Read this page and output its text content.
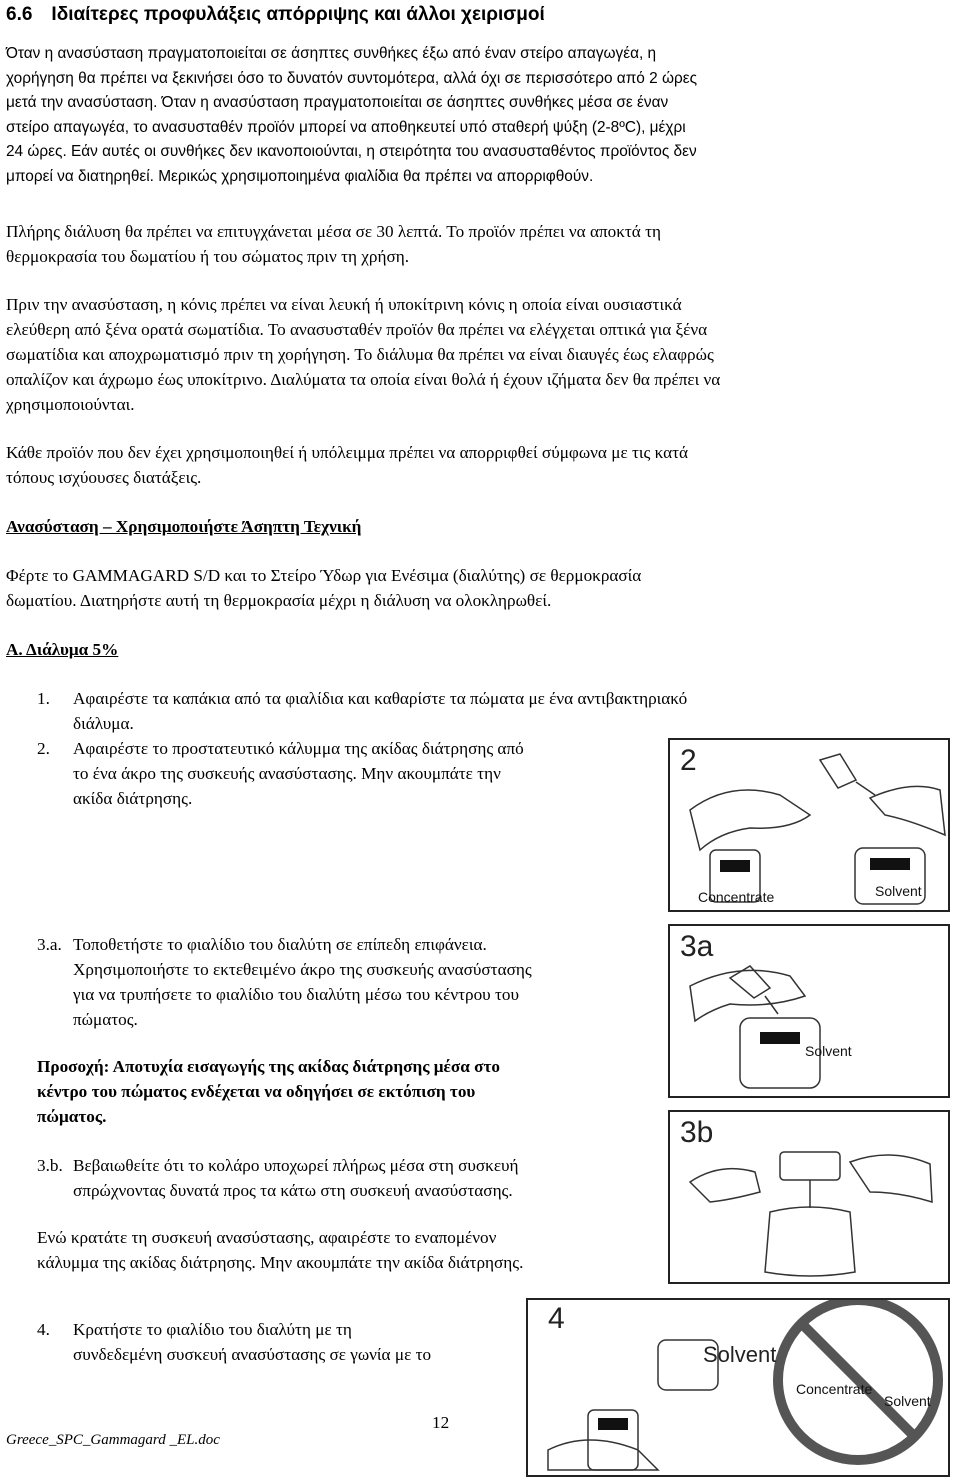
6.6 Ιδιαίτερες προφυλάξεις απόρριψης και άλλοι χειρισμοί
Όταν η ανασύσταση πραγματοποιείται σε άσηπτες συνθήκες έξω από έναν στείρο απαγωγέα, η
χορήγηση θα πρέπει να ξεκινήσει όσο το δυνατόν συντομότερα, αλλά όχι σε περισσότερο από 2 ώρες
μετά την ανασύσταση. Όταν η ανασύσταση πραγματοποιείται σε άσηπτες συνθήκες μέσα σε έναν
στείρο απαγωγέα, το ανασυσταθέν προϊόν μπορεί να αποθηκευτεί υπό σταθερή ψύξη (2-8ºC), μέχρι
24 ώρες. Εάν αυτές οι συνθήκες δεν ικανοποιούνται, η στειρότητα του ανασυσταθέντος προϊόντος δεν
μπορεί να διατηρηθεί. Μερικώς χρησιμοποιημένα φιαλίδια θα πρέπει να απορριφθούν.
Πλήρης διάλυση θα πρέπει να επιτυγχάνεται μέσα σε 30 λεπτά. Το προϊόν πρέπει να αποκτά τη
θερμοκρασία του δωματίου ή του σώματος πριν τη χρήση.
Πριν την ανασύσταση, η κόνις πρέπει να είναι λευκή ή υποκίτρινη κόνις η οποία είναι ουσιαστικά
ελεύθερη από ξένα ορατά σωματίδια. Το ανασυσταθέν προϊόν θα πρέπει να ελέγχεται οπτικά για ξένα
σωματίδια και αποχρωματισμό πριν τη χορήγηση. Το διάλυμα θα πρέπει να είναι διαυγές έως ελαφρώς
οπαλίζον και άχρωμο έως υποκίτρινο. Διαλύματα τα οποία είναι θολά ή έχουν ιζήματα δεν θα πρέπει να
χρησιμοποιούνται.
Κάθε προϊόν που δεν έχει χρησιμοποιηθεί ή υπόλειμμα πρέπει να απορριφθεί σύμφωνα με τις κατά
τόπους ισχύουσες διατάξεις.
Ανασύσταση – Χρησιμοποιήστε Άσηπτη Τεχνική
Φέρτε το GAMMAGARD S/D και το Στείρο Ύδωρ για Ενέσιμα (διαλύτης) σε θερμοκρασία
δωματίου. Διατηρήστε αυτή τη θερμοκρασία μέχρι η διάλυση να ολοκληρωθεί.
Α. Διάλυμα 5%
1. Αφαιρέστε τα καπάκια από τα φιαλίδια και καθαρίστε τα πώματα με ένα αντιβακτηριακό
διάλυμα.
2. Αφαιρέστε το προστατευτικό κάλυμμα της ακίδας διάτρησης από
το ένα άκρο της συσκευής ανασύστασης. Μην ακουμπάτε την
ακίδα διάτρησης.
3.a. Τοποθετήστε το φιαλίδιο του διαλύτη σε επίπεδη επιφάνεια.
Χρησιμοποιήστε το εκτεθειμένο άκρο της συσκευής ανασύστασης
για να τρυπήσετε το φιαλίδιο του διαλύτη μέσω του κέντρου του
πώματος.
Προσοχή: Αποτυχία εισαγωγής της ακίδας διάτρησης μέσα στο
κέντρο του πώματος ενδέχεται να οδηγήσει σε εκτόπιση του
πώματος.
3.b. Βεβαιωθείτε ότι το κολάρο υποχωρεί πλήρως μέσα στη συσκευή
σπρώχνοντας δυνατά προς τα κάτω στη συσκευή ανασύστασης.
Ενώ κρατάτε τη συσκευή ανασύστασης, αφαιρέστε το εναπομένον
κάλυμμα της ακίδας διάτρησης. Μην ακουμπάτε την ακίδα διάτρησης.
4. Κρατήστε το φιαλίδιο του διαλύτη με τη
συνδεδεμένη συσκευή ανασύστασης σε γωνία με το
2
Concentrate	Solvent
3a
Solvent
3b
4
Solvent
Concentrate
Solvent
12
Greece_SPC_Gammagard _EL.doc
